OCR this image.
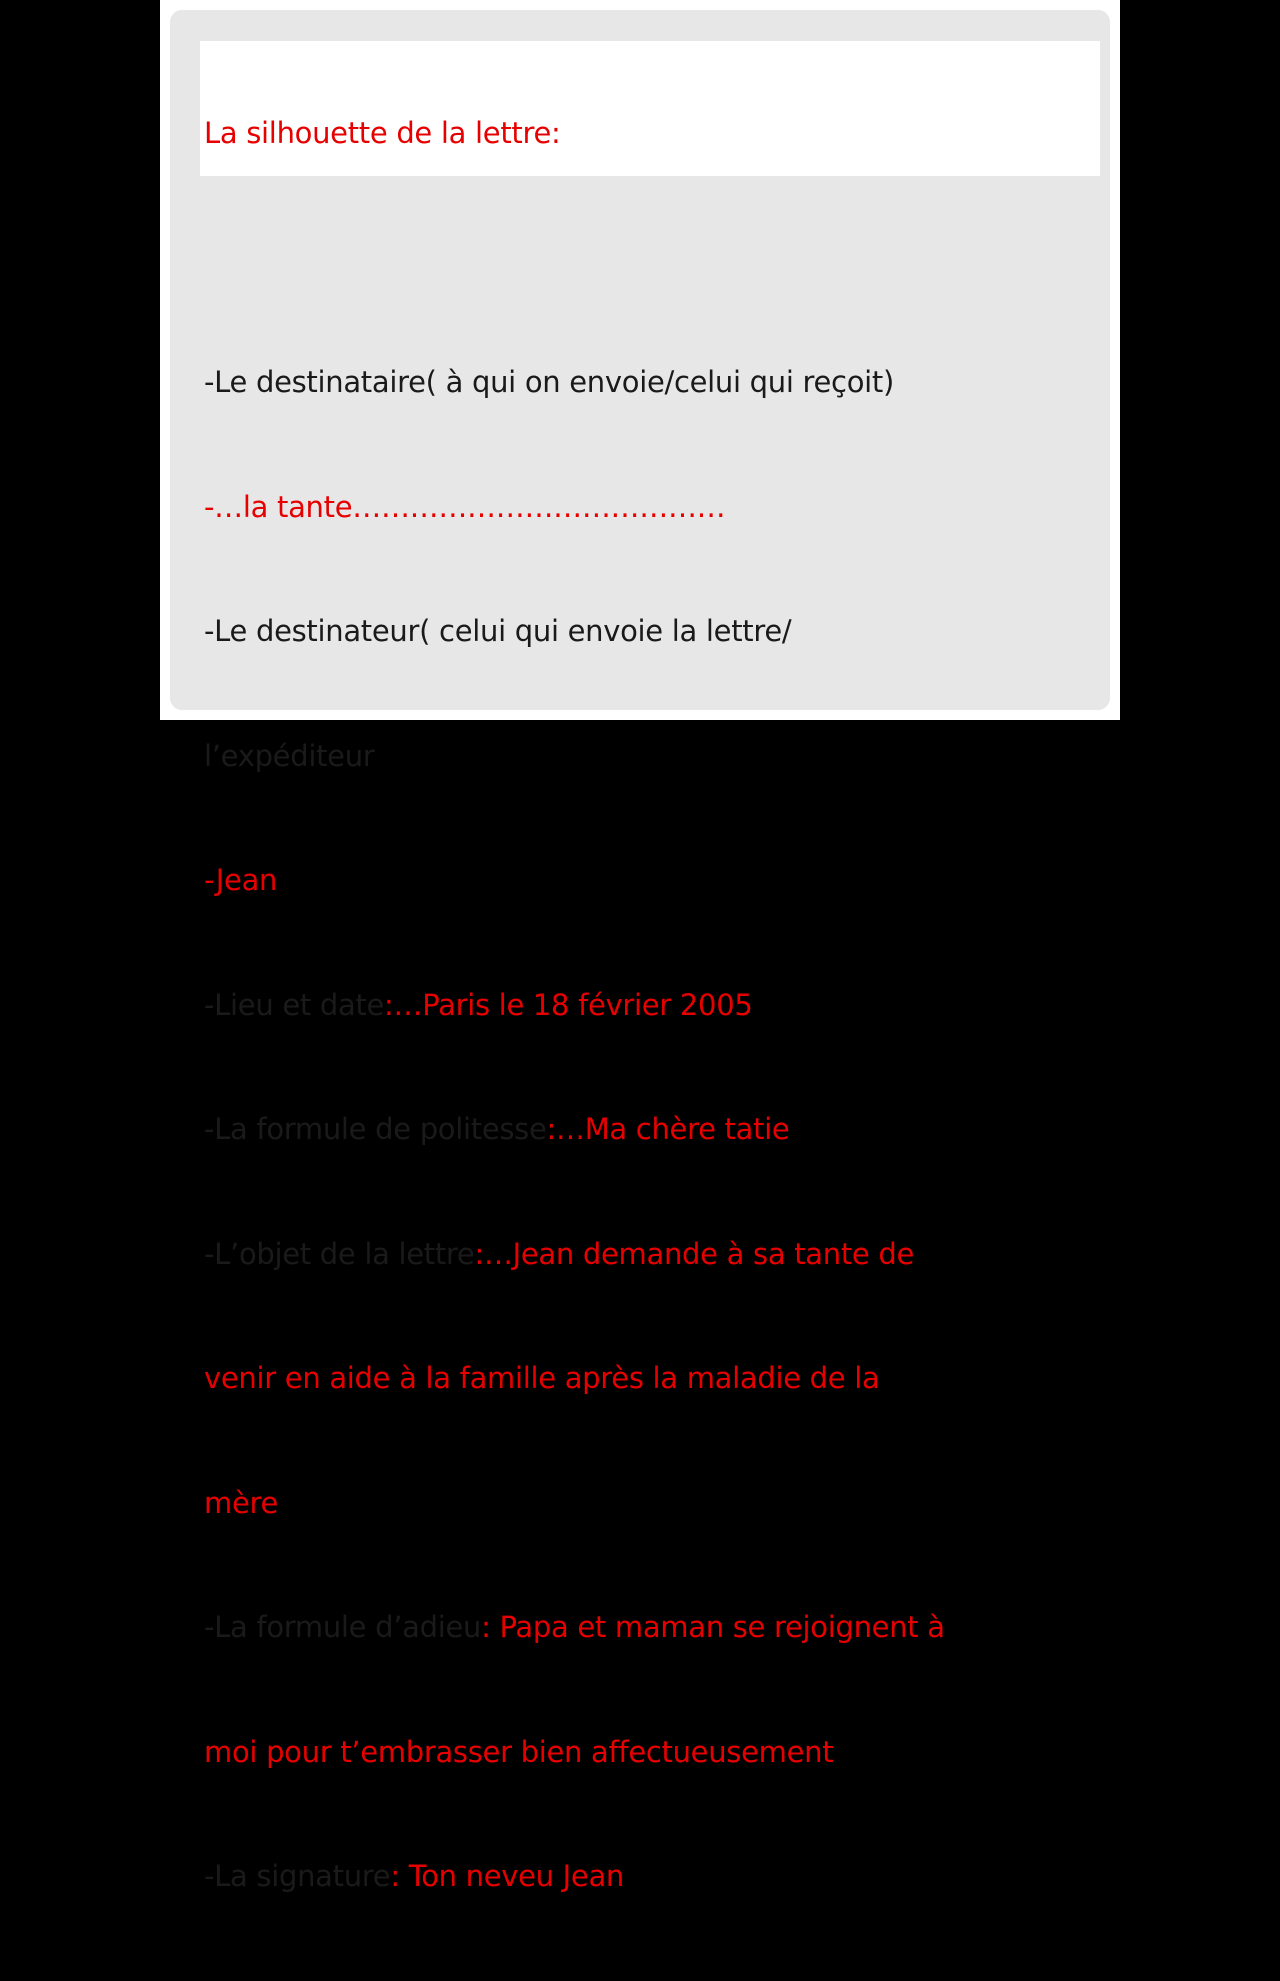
La silhouette de la lettre:

-Le destinataire( à qui on envoie/celui qui reçoit)

-…la tante…………………………………

-Le destinateur( celui qui envoie la lettre/

l’expéditeur

-Jean

-Lieu et date:…Paris le 18 février 2005

-La formule de politesse:…Ma chère tatie

-L’objet de la lettre:…Jean demande à sa tante de

venir en aide à la famille après la maladie de la

mère

-La formule d’adieu: Papa et maman se rejoignent à

moi pour t’embrasser bien affectueusement

-La signature: Ton neveu Jean
